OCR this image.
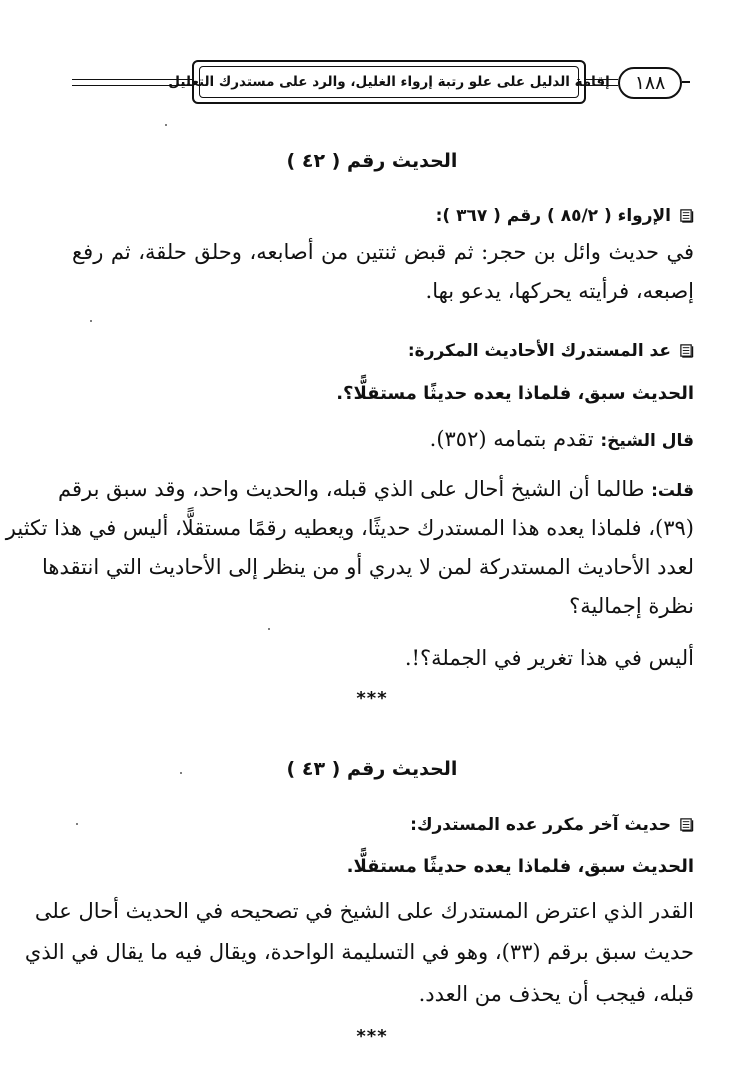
إقامة الدليل على علو رتبة إرواء الغليل، والرد على مستدرك التعليل	١٨٨
الحديث رقم ( ٤٢ )
الإرواء ( ٨٥/٢ ) رقم ( ٣٦٧ ):
في حديث وائل بن حجر: ثم قبض ثنتين من أصابعه، وحلق حلقة، ثم رفع
إصبعه، فرأيته يحركها، يدعو بها.
عد المستدرك الأحاديث المكررة:
الحديث سبق، فلماذا يعده حديثًا مستقلًّا؟.
قال الشيخ: تقدم بتمامه (٣٥٢).
قلت: طالما أن الشيخ أحال على الذي قبله، والحديث واحد، وقد سبق برقم
(٣٩)، فلماذا يعده هذا المستدرك حديثًا، ويعطيه رقمًا مستقلًّا، أليس في هذا تكثير
لعدد الأحاديث المستدركة لمن لا يدري أو من ينظر إلى الأحاديث التي انتقدها
نظرة إجمالية؟
أليس في هذا تغرير في الجملة؟!.
***
الحديث رقم ( ٤٣ )
حديث آخر مكرر عده المستدرك:
الحديث سبق، فلماذا يعده حديثًا مستقلًّا.
القدر الذي اعترض المستدرك على الشيخ في تصحيحه في الحديث أحال على
حديث سبق برقم (٣٣)، وهو في التسليمة الواحدة، ويقال فيه ما يقال في الذي
قبله، فيجب أن يحذف من العدد.
***
